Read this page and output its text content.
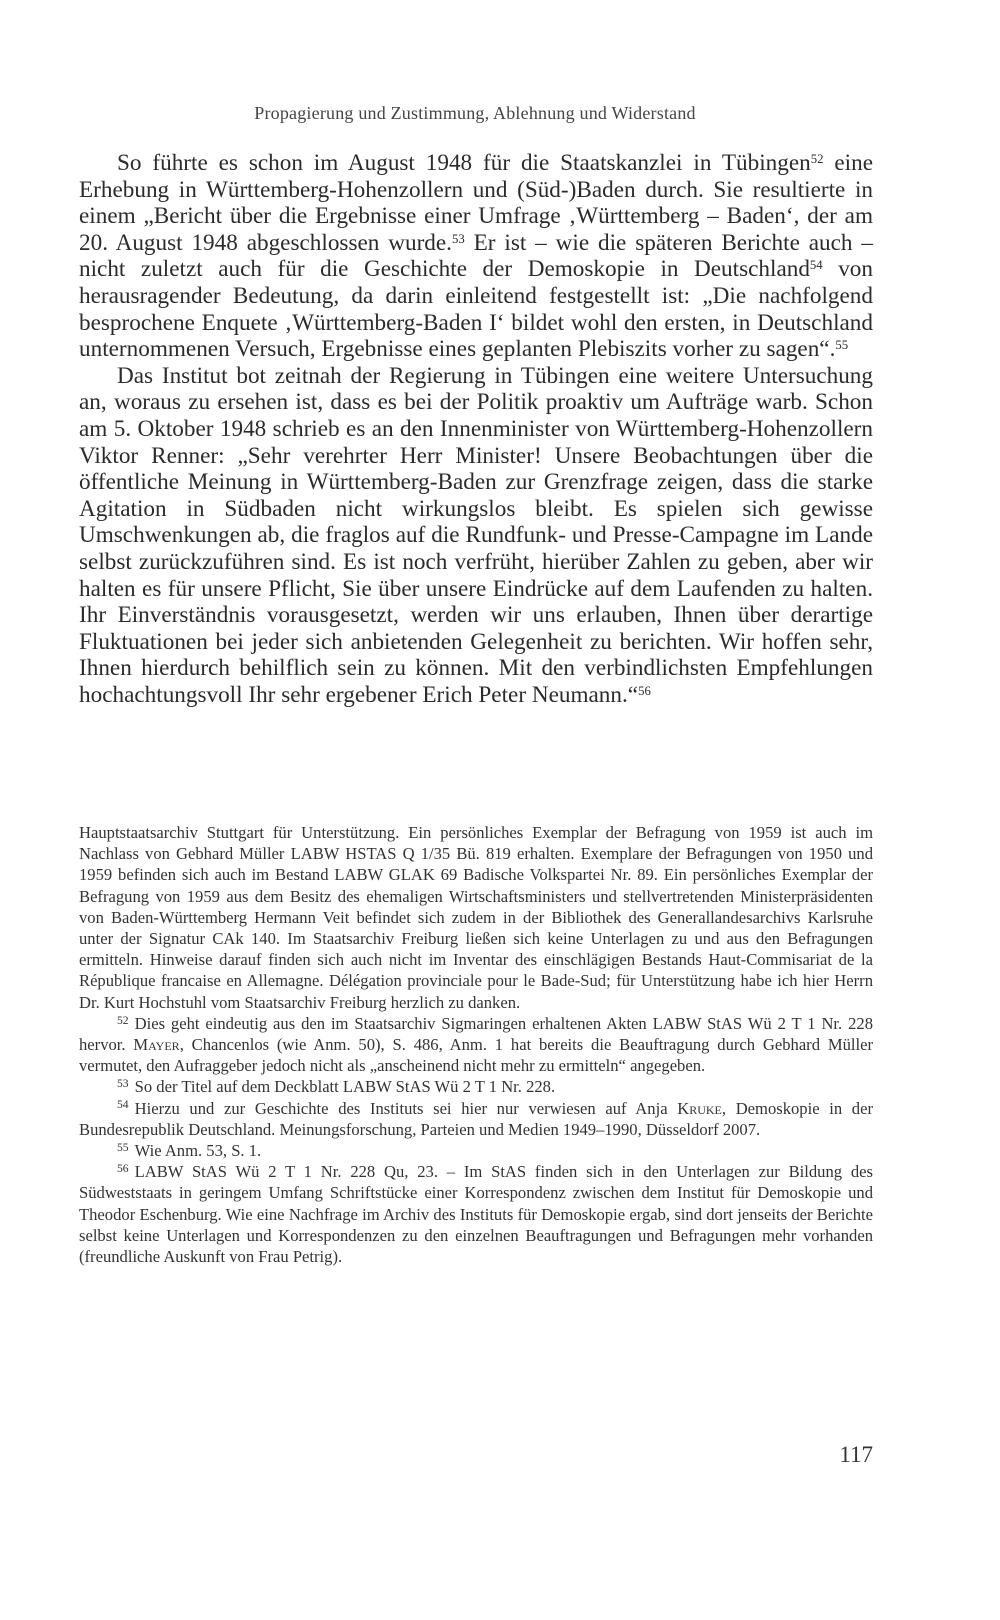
Propagierung und Zustimmung, Ablehnung und Widerstand

So führte es schon im August 1948 für die Staatskanzlei in Tübingen$^{52}$ eine Erhebung in Württemberg-Hohenzollern und (Süd-)Baden durch. Sie resultierte in einem „Bericht über die Ergebnisse einer Umfrage ‚Württemberg – Baden‘, der am 20. August 1948 abgeschlossen wurde.$^{53}$ Er ist – wie die späteren Berichte auch – nicht zuletzt auch für die Geschichte der Demoskopie in Deutschland$^{54}$ von herausragender Bedeutung, da darin einleitend festgestellt ist: „Die nachfolgend besprochene Enquete ‚Württemberg-Baden I‘ bildet wohl den ersten, in Deutschland unternommenen Versuch, Ergebnisse eines geplanten Plebiszits vorher zu sagen“.$^{55}$

Das Institut bot zeitnah der Regierung in Tübingen eine weitere Untersuchung an, woraus zu ersehen ist, dass es bei der Politik proaktiv um Aufträge warb. Schon am 5. Oktober 1948 schrieb es an den Innenminister von Württemberg-Hohenzollern Viktor Renner: „Sehr verehrter Herr Minister! Unsere Beobachtungen über die öffentliche Meinung in Württemberg-Baden zur Grenzfrage zeigen, dass die starke Agitation in Südbaden nicht wirkungslos bleibt. Es spielen sich gewisse Umschwenkungen ab, die fraglos auf die Rundfunk- und Presse-Campagne im Lande selbst zurückzuführen sind. Es ist noch verfrüht, hierüber Zahlen zu geben, aber wir halten es für unsere Pflicht, Sie über unsere Eindrücke auf dem Laufenden zu halten. Ihr Einverständnis vorausgesetzt, werden wir uns erlauben, Ihnen über derartige Fluktuationen bei jeder sich anbietenden Gelegenheit zu berichten. Wir hoffen sehr, Ihnen hierdurch behilflich sein zu können. Mit den verbindlichsten Empfehlungen hochachtungsvoll Ihr sehr ergebener Erich Peter Neumann.“$^{56}$

Hauptstaatsarchiv Stuttgart für Unterstützung. Ein persönliches Exemplar der Befragung von 1959 ist auch im Nachlass von Gebhard Müller LABW HSTAS Q 1/35 Bü. 819 erhalten. Exemplare der Befragungen von 1950 und 1959 befinden sich auch im Bestand LABW GLAK 69 Badische Volkspartei Nr. 89. Ein persönliches Exemplar der Befragung von 1959 aus dem Besitz des ehemaligen Wirtschaftsministers und stellvertretenden Ministerpräsidenten von Baden-Württemberg Hermann Veit befindet sich zudem in der Bibliothek des Generallandesarchivs Karlsruhe unter der Signatur CAk 140. Im Staatsarchiv Freiburg ließen sich keine Unterlagen zu und aus den Befragungen ermitteln. Hinweise darauf finden sich auch nicht im Inventar des einschlägigen Bestands Haut-Commisariat de la République francaise en Allemagne. Délégation provinciale pour le Bade-Sud; für Unterstützung habe ich hier Herrn Dr. Kurt Hochstuhl vom Staatsarchiv Freiburg herzlich zu danken.

$^{52}$ Dies geht eindeutig aus den im Staatsarchiv Sigmaringen erhaltenen Akten LABW StAS Wü 2 T 1 Nr. 228 hervor. Mayer, Chancenlos (wie Anm. 50), S. 486, Anm. 1 hat bereits die Beauftragung durch Gebhard Müller vermutet, den Aufraggeber jedoch nicht als „anscheinend nicht mehr zu ermitteln“ angegeben.

$^{53}$ So der Titel auf dem Deckblatt LABW StAS Wü 2 T 1 Nr. 228.

$^{54}$ Hierzu und zur Geschichte des Instituts sei hier nur verwiesen auf Anja Kruke, Demoskopie in der Bundesrepublik Deutschland. Meinungsforschung, Parteien und Medien 1949–1990, Düsseldorf 2007.

$^{55}$ Wie Anm. 53, S. 1.

$^{56}$ LABW StAS Wü 2 T 1 Nr. 228 Qu, 23. – Im StAS finden sich in den Unterlagen zur Bildung des Südweststaats in geringem Umfang Schriftstücke einer Korrespondenz zwischen dem Institut für Demoskopie und Theodor Eschenburg. Wie eine Nachfrage im Archiv des Instituts für Demoskopie ergab, sind dort jenseits der Berichte selbst keine Unterlagen und Korrespondenzen zu den einzelnen Beauftragungen und Befragungen mehr vorhanden (freundliche Auskunft von Frau Petrig).

117
